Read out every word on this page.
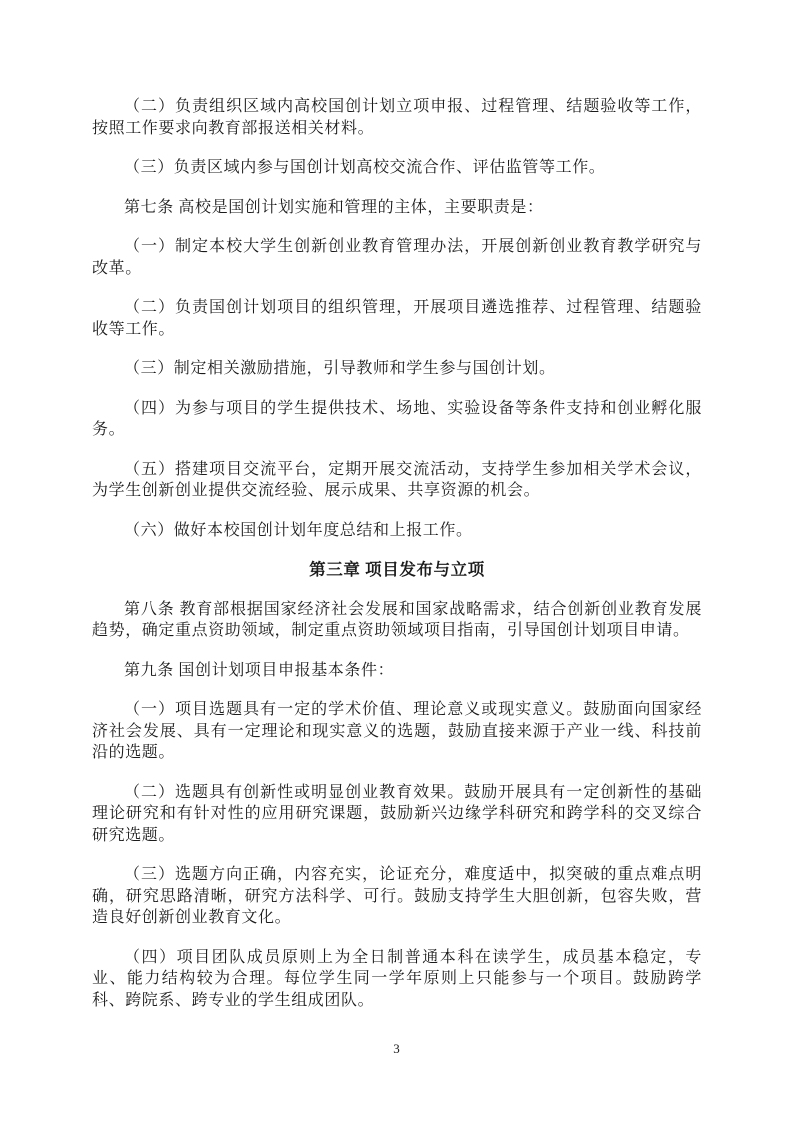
（二）负责组织区域内高校国创计划立项申报、过程管理、结题验收等工作，按照工作要求向教育部报送相关材料。

（三）负责区域内参与国创计划高校交流合作、评估监管等工作。

第七条 高校是国创计划实施和管理的主体，主要职责是：

（一）制定本校大学生创新创业教育管理办法，开展创新创业教育教学研究与改革。

（二）负责国创计划项目的组织管理，开展项目遴选推荐、过程管理、结题验收等工作。

（三）制定相关激励措施，引导教师和学生参与国创计划。

（四）为参与项目的学生提供技术、场地、实验设备等条件支持和创业孵化服务。

（五）搭建项目交流平台，定期开展交流活动，支持学生参加相关学术会议，为学生创新创业提供交流经验、展示成果、共享资源的机会。

（六）做好本校国创计划年度总结和上报工作。

第三章 项目发布与立项

第八条 教育部根据国家经济社会发展和国家战略需求，结合创新创业教育发展趋势，确定重点资助领域，制定重点资助领域项目指南，引导国创计划项目申请。

第九条 国创计划项目申报基本条件：

（一）项目选题具有一定的学术价值、理论意义或现实意义。鼓励面向国家经济社会发展、具有一定理论和现实意义的选题，鼓励直接来源于产业一线、科技前沿的选题。

（二）选题具有创新性或明显创业教育效果。鼓励开展具有一定创新性的基础理论研究和有针对性的应用研究课题，鼓励新兴边缘学科研究和跨学科的交叉综合研究选题。

（三）选题方向正确，内容充实，论证充分，难度适中，拟突破的重点难点明确，研究思路清晰，研究方法科学、可行。鼓励支持学生大胆创新，包容失败，营造良好创新创业教育文化。

（四）项目团队成员原则上为全日制普通本科在读学生，成员基本稳定，专业、能力结构较为合理。每位学生同一学年原则上只能参与一个项目。鼓励跨学科、跨院系、跨专业的学生组成团队。

3
